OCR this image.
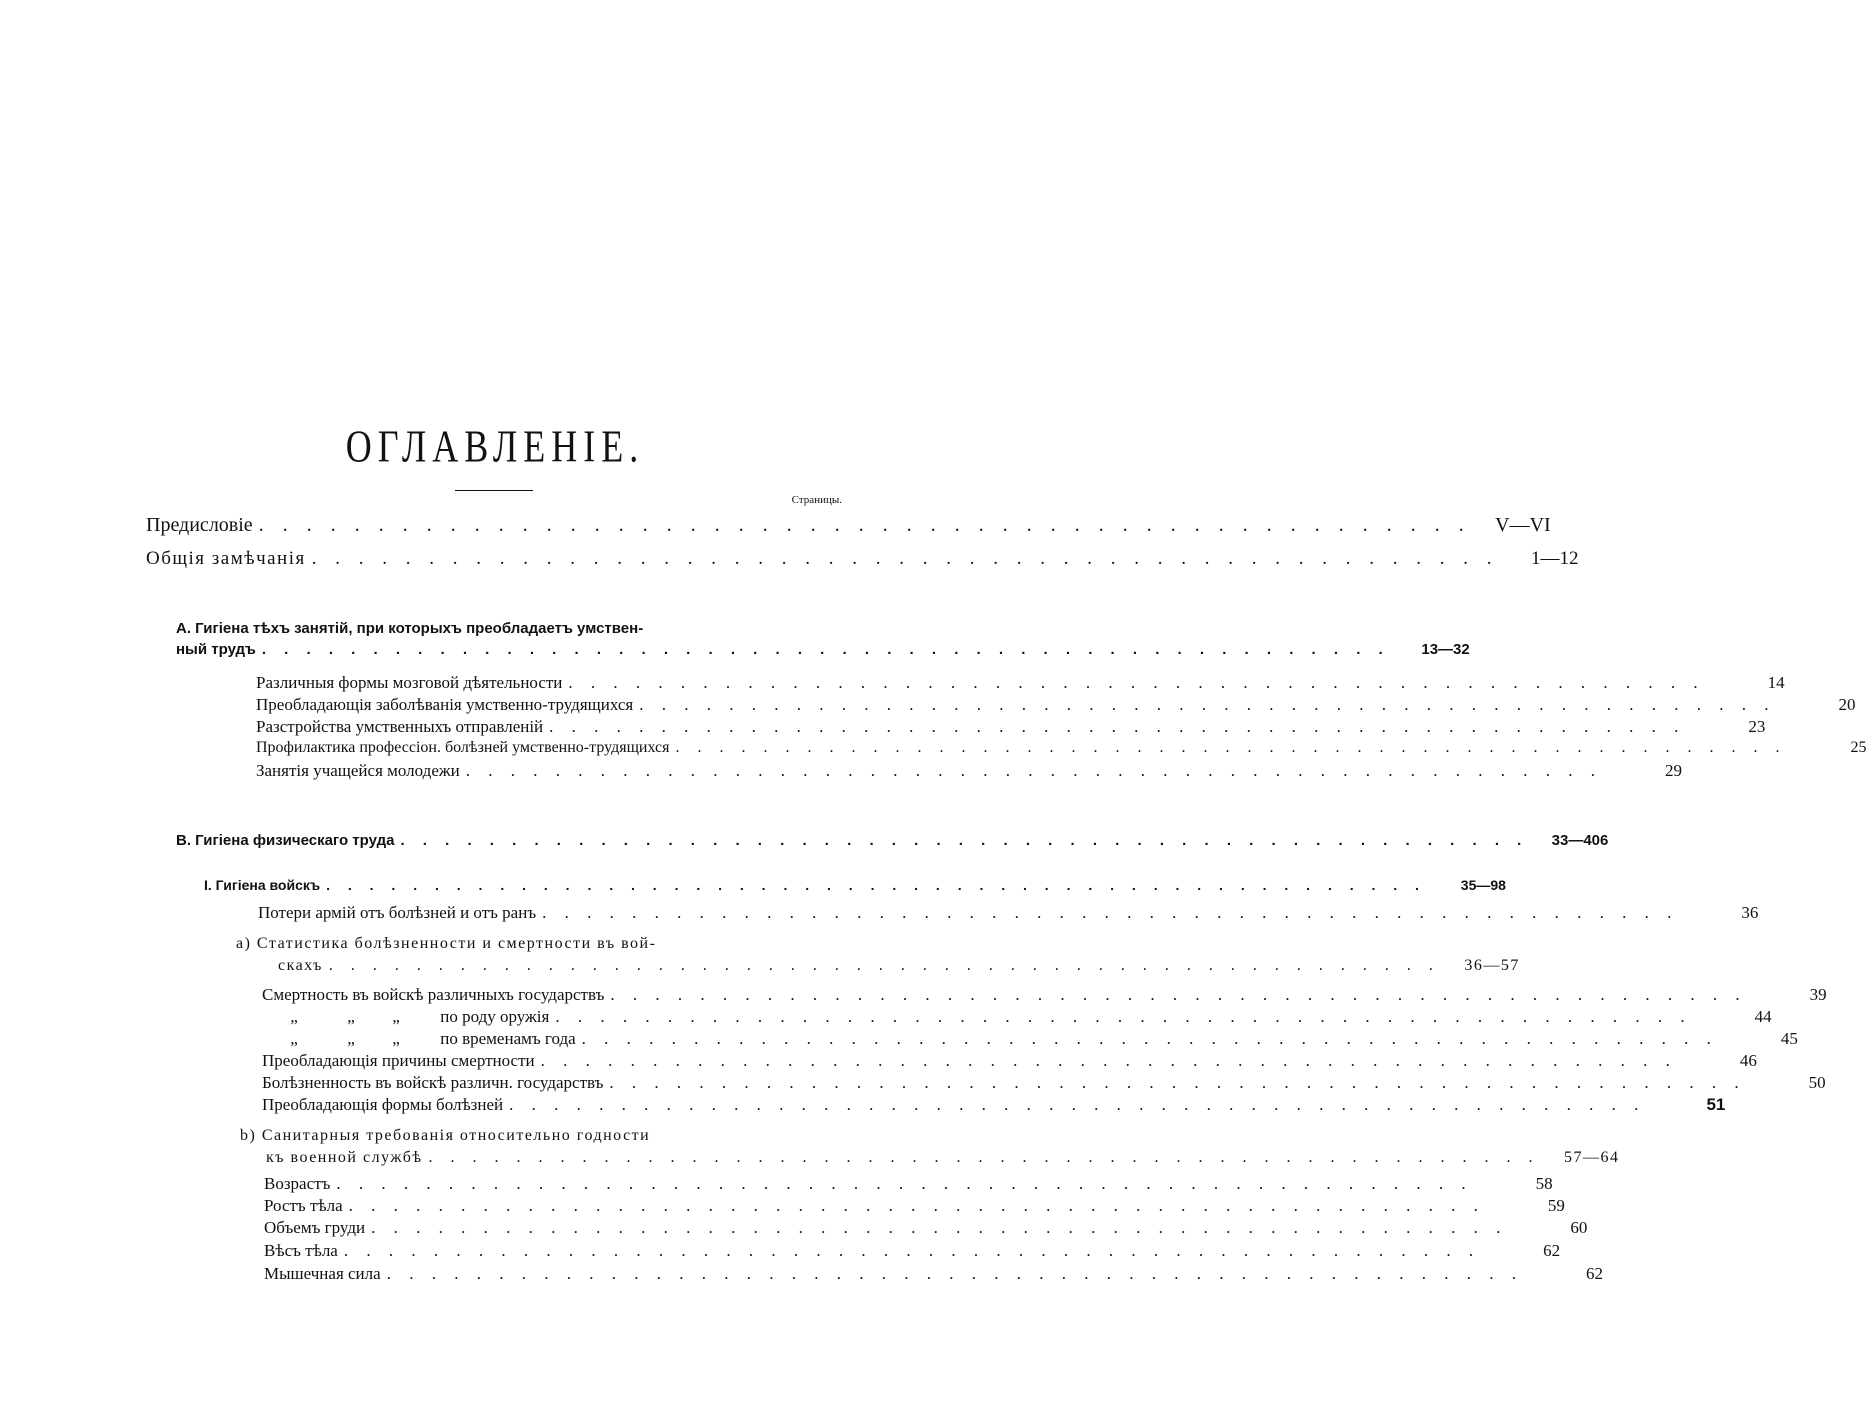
ОГЛАВЛЕНІЕ.
Страницы.
Предисловіе . . . . . . . . . . . . . . . . . . . . . . . . . . . . . . . . . . . . . . . . . . . . . . . . . . .	V—VI
Общія замѣчанія . . . . . . . . . . . . . . . . . . . . . . . . . . . . . . . . . . . . . . . . . . . . . . . . . . .	1—12
А. Гигіена тѣхъ занятій, при которыхъ преобладаетъ умствен-
ный трудъ . . . . . . . . . . . . . . . . . . . . . . . . . . . . . . . . . . . . . . . . . . . . . . . . . . .	13—32
Различныя формы мозговой дѣятельности . . . . . . . . . . . . . . . . . . . . . . . . . . . . . . . . . . . . . . . . . . . . . . . . . . .	14
Преобладающія заболѣванія умственно-трудящихся . . . . . . . . . . . . . . . . . . . . . . . . . . . . . . . . . . . . . . . . . . . . . . . . . . .	20
Разстройства умственныхъ отправленій . . . . . . . . . . . . . . . . . . . . . . . . . . . . . . . . . . . . . . . . . . . . . . . . . . .	23
Профилактика профессіон. болѣзней умственно-трудящихся . . . . . . . . . . . . . . . . . . . . . . . . . . . . . . . . . . . . . . . . . . . . . . . . . . .	25
Занятія учащейся молодежи . . . . . . . . . . . . . . . . . . . . . . . . . . . . . . . . . . . . . . . . . . . . . . . . . . .	29
В. Гигіена физическаго труда . . . . . . . . . . . . . . . . . . . . . . . . . . . . . . . . . . . . . . . . . . . . . . . . . . .	33—406
I. Гигіена войскъ . . . . . . . . . . . . . . . . . . . . . . . . . . . . . . . . . . . . . . . . . . . . . . . . . . .	35—98
Потери армій отъ болѣзней и отъ ранъ . . . . . . . . . . . . . . . . . . . . . . . . . . . . . . . . . . . . . . . . . . . . . . . . . . .	36
a) Статистика болѣзненности и смертности въ вой-
скахъ . . . . . . . . . . . . . . . . . . . . . . . . . . . . . . . . . . . . . . . . . . . . . . . . . . .	36—57
Смертность въ войскѣ различныхъ государствъ . . . . . . . . . . . . . . . . . . . . . . . . . . . . . . . . . . . . . . . . . . . . . . . . . . .	39
„	„ „ по роду оружія . . . . . . . . . . . . . . . . . . . . . . . . . . . . . . . . . . . . . . . . . . . . . . . . . . .	44
„	„ „ по временамъ года . . . . . . . . . . . . . . . . . . . . . . . . . . . . . . . . . . . . . . . . . . . . . . . . . . .	45
Преобладающія причины смертности . . . . . . . . . . . . . . . . . . . . . . . . . . . . . . . . . . . . . . . . . . . . . . . . . . .	46
Болѣзненность въ войскѣ различн. государствъ . . . . . . . . . . . . . . . . . . . . . . . . . . . . . . . . . . . . . . . . . . . . . . . . . . .	50
Преобладающія формы болѣзней . . . . . . . . . . . . . . . . . . . . . . . . . . . . . . . . . . . . . . . . . . . . . . . . . . .	51
b) Санитарныя требованія относительно годности
къ военной службѣ . . . . . . . . . . . . . . . . . . . . . . . . . . . . . . . . . . . . . . . . . . . . . . . . . . .	57—64
Возрастъ . . . . . . . . . . . . . . . . . . . . . . . . . . . . . . . . . . . . . . . . . . . . . . . . . . .	58
Ростъ тѣла . . . . . . . . . . . . . . . . . . . . . . . . . . . . . . . . . . . . . . . . . . . . . . . . . . .	59
Объемъ груди . . . . . . . . . . . . . . . . . . . . . . . . . . . . . . . . . . . . . . . . . . . . . . . . . . .	60
Вѣсъ тѣла . . . . . . . . . . . . . . . . . . . . . . . . . . . . . . . . . . . . . . . . . . . . . . . . . . .	62
Мышечная сила . . . . . . . . . . . . . . . . . . . . . . . . . . . . . . . . . . . . . . . . . . . . . . . . . . .	62
